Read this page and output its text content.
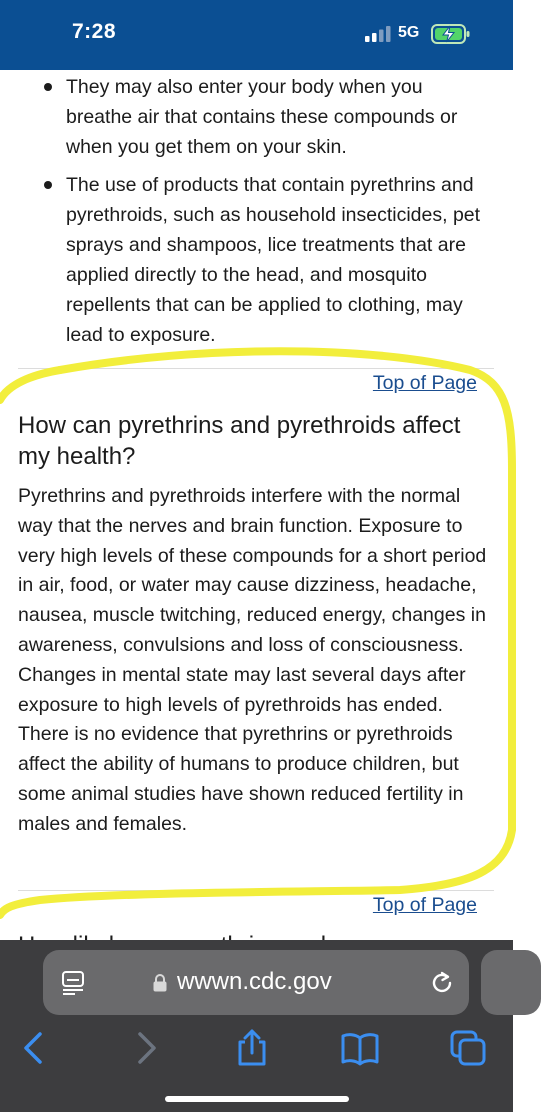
7:28	5G
They may also enter your body when you breathe air that contains these compounds or when you get them on your skin.
The use of products that contain pyrethrins and pyrethroids, such as household insecticides, pet sprays and shampoos, lice treatments that are applied directly to the head, and mosquito repellents that can be applied to clothing, may lead to exposure.
Top of Page
How can pyrethrins and pyrethroids affect my health?

Pyrethrins and pyrethroids interfere with the normal way that the nerves and brain function. Exposure to very high levels of these compounds for a short period in air, food, or water may cause dizziness, headache, nausea, muscle twitching, reduced energy, changes in awareness, convulsions and loss of consciousness. Changes in mental state may last several days after exposure to high levels of pyrethroids has ended. There is no evidence that pyrethrins or pyrethroids affect the ability of humans to produce children, but some animal studies have shown reduced fertility in males and females.

Top of Page
wwwn.cdc.gov
